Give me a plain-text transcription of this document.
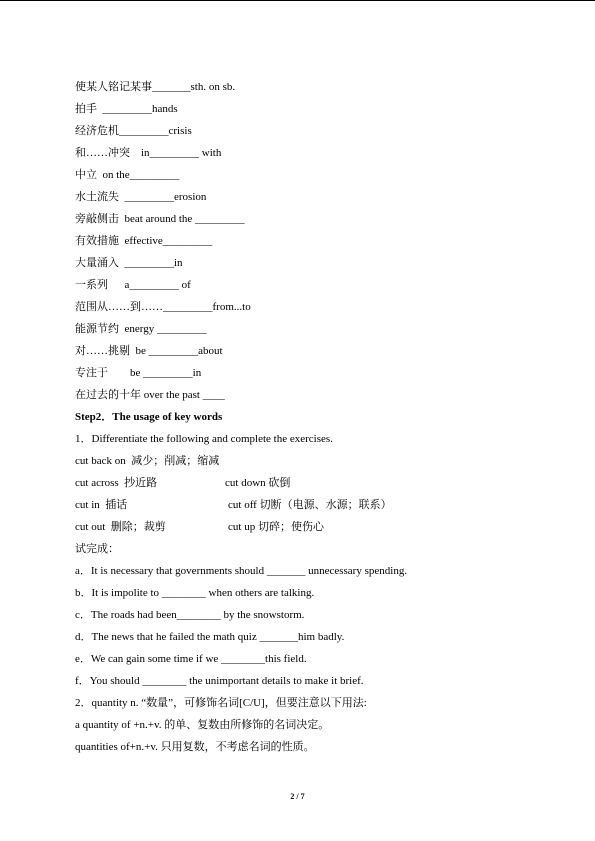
使某人铭记某事_______sth. on sb.
拍手  _________hands
经济危机_________crisis
和……冲突    in_________ with
中立  on the_________
水土流失  _________erosion
旁敲侧击  beat around the _________
有效措施  effective_________
大量涌入  _________in
一系列      a_________ of
范围从……到……_________from...to
能源节约  energy _________
对……挑剔  be _________about
专注于        be _________in
在过去的十年 over the past ____
Step2．The usage of key words
1．Differentiate the following and complete the exercises.
cut back on  减少；削减；缩减
cut across  抄近路	cut down 砍倒
cut in  插话	cut off 切断（电源、水源；联系）
cut out  删除；裁剪	cut up 切碎；使伤心
试完成：
a．It is necessary that governments should _______ unnecessary spending.
b．It is impolite to ________ when others are talking.
c．The roads had been________ by the snowstorm.
d．The news that he failed the math quiz _______him badly.
e．We can gain some time if we ________this field.
f．You should ________ the unimportant details to make it brief.
2．quantity n. “数量”，可修饰名词[C/U]，但要注意以下用法:
a quantity of +n.+v. 的单、复数由所修饰的名词决定。
quantities of+n.+v. 只用复数，不考虑名词的性质。
2 / 7
